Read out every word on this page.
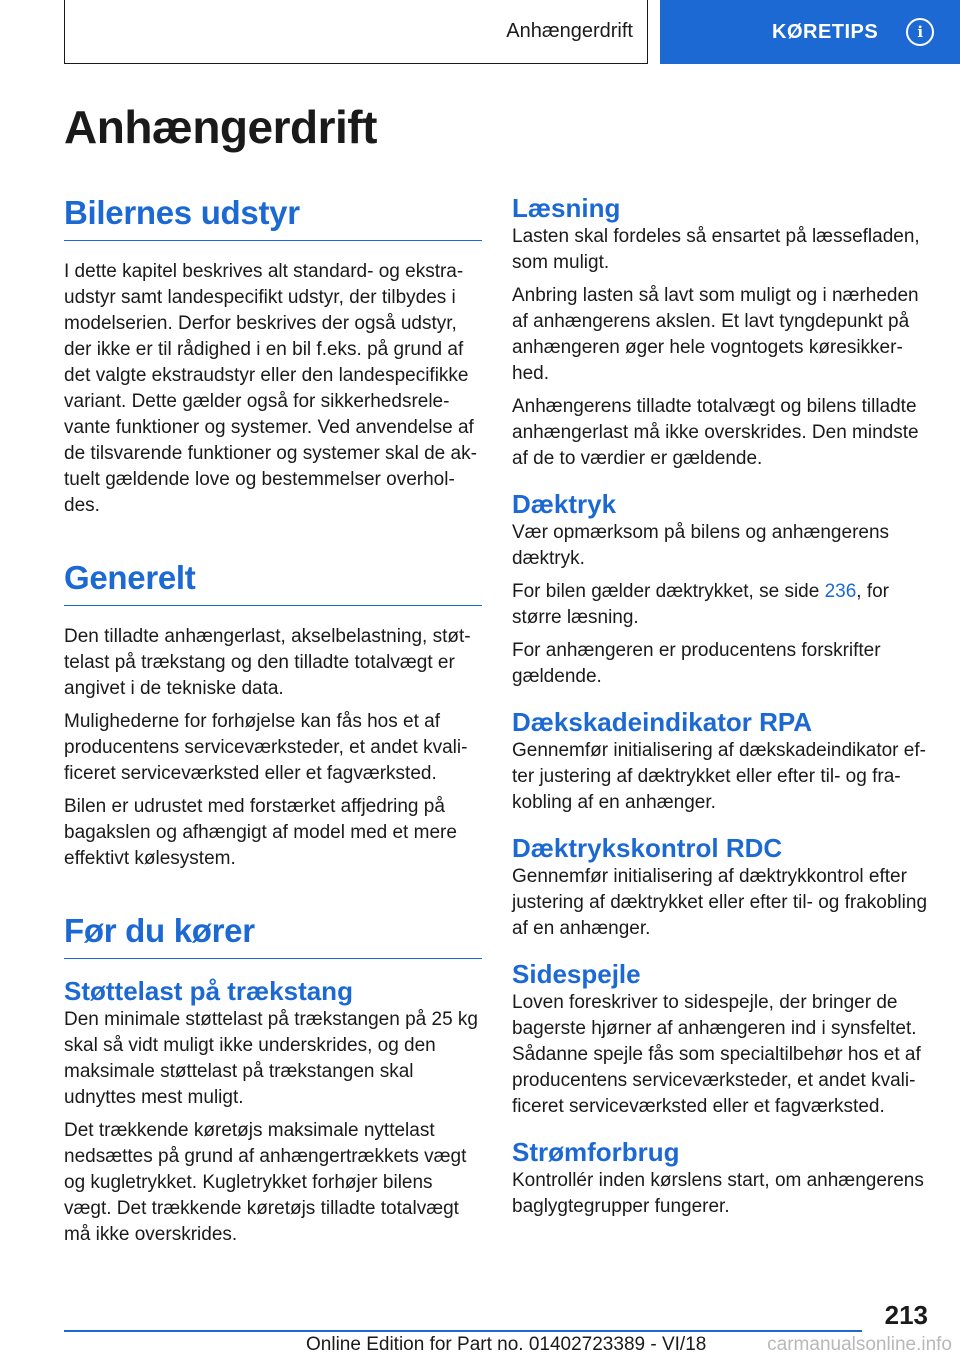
Anhængerdrift	KØRETIPS	i
Anhængerdrift
Bilernes udstyr

I dette kapitel beskrives alt standard- og ekstraudstyr samt landespecifikt udstyr, der tilbydes i modelserien. Derfor beskrives der også udstyr, der ikke er til rådighed i en bil f.eks. på grund af det valgte ekstraudstyr eller den landespecifikke variant. Dette gælder også for sikkerhedsrelevante funktioner og systemer. Ved anvendelse af de tilsvarende funktioner og systemer skal de aktuelt gældende love og bestemmelser overholdes.

Generelt

Den tilladte anhængerlast, akselbelastning, støttelast på trækstang og den tilladte totalvægt er angivet i de tekniske data.

Mulighederne for forhøjelse kan fås hos et af producentens serviceværksteder, et andet kvalificeret serviceværksted eller et fagværksted.

Bilen er udrustet med forstærket affjedring på bagakslen og afhængigt af model med et mere effektivt kølesystem.

Før du kører
Støttelast på trækstang

Den minimale støttelast på trækstangen på 25 kg skal så vidt muligt ikke underskrides, og den maksimale støttelast på trækstangen skal udnyttes mest muligt.

Det trækkende køretøjs maksimale nyttelast nedsættes på grund af anhængertrækkets vægt og kugletrykket. Kugletrykket forhøjer bilens vægt. Det trækkende køretøjs tilladte totalvægt må ikke overskrides.

Læsning

Lasten skal fordeles så ensartet på læssefladen, som muligt.

Anbring lasten så lavt som muligt og i nærheden af anhængerens akslen. Et lavt tyngdepunkt på anhængeren øger hele vogntogets køresikkerhed.

Anhængerens tilladte totalvægt og bilens tilladte anhængerlast må ikke overskrides. Den mindste af de to værdier er gældende.

Dæktryk

Vær opmærksom på bilens og anhængerens dæktryk.

For bilen gælder dæktrykket, se side 236, for større læsning.

For anhængeren er producentens forskrifter gældende.

Dækskadeindikator RPA

Gennemfør initialisering af dækskadeindikator efter justering af dæktrykket eller efter til- og frakobling af en anhænger.

Dæktrykskontrol RDC

Gennemfør initialisering af dæktrykkontrol efter justering af dæktrykket eller efter til- og frakobling af en anhænger.

Sidespejle

Loven foreskriver to sidespejle, der bringer de bagerste hjørner af anhængeren ind i synsfeltet. Sådanne spejle fås som specialtilbehør hos et af producentens serviceværksteder, et andet kvalificeret serviceværksted eller et fagværksted.

Strømforbrug

Kontrollér inden kørslens start, om anhængerens baglygtegrupper fungerer.

213
Online Edition for Part no. 01402723389 - VI/18	carmanualsonline.info
